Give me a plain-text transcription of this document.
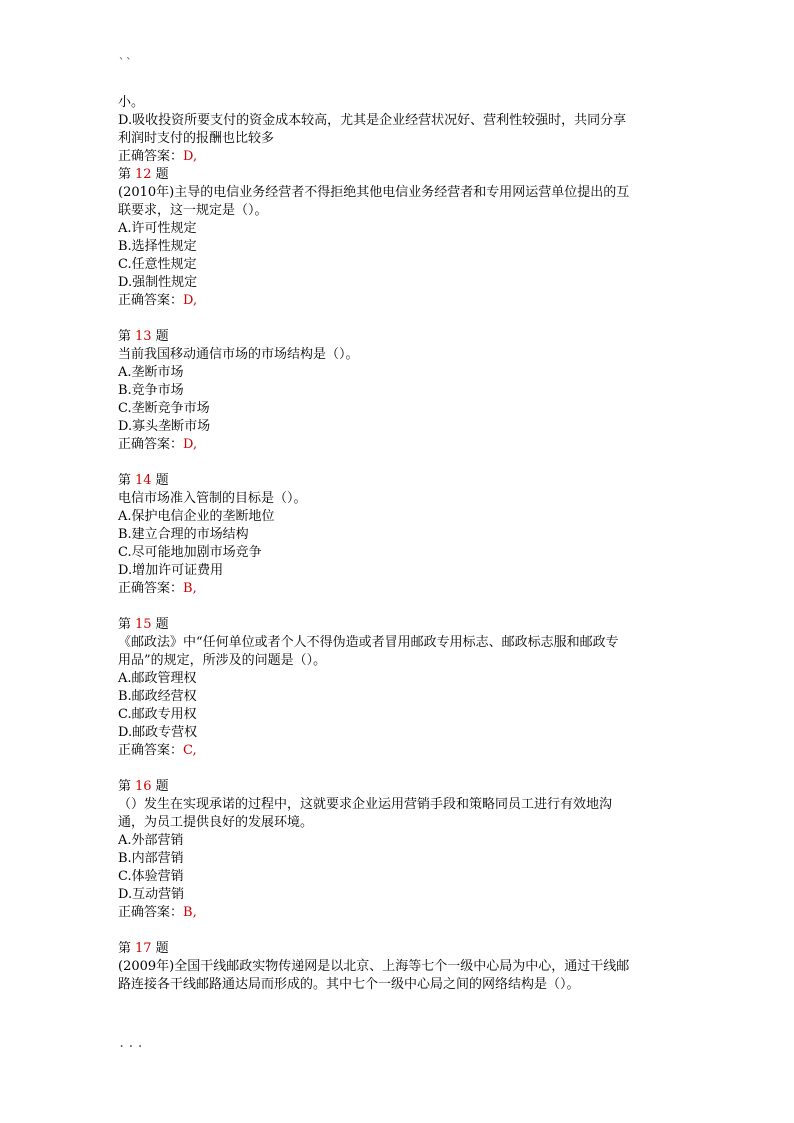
``
小。
D.吸收投资所要支付的资金成本较高，尤其是企业经营状况好、营利性较强时，共同分享
利润时支付的报酬也比较多
正确答案：D,
第 12 题
(2010年)主导的电信业务经营者不得拒绝其他电信业务经营者和专用网运营单位提出的互
联要求，这一规定是（）。
A.许可性规定
B.选择性规定
C.任意性规定
D.强制性规定
正确答案：D,
第 13 题
当前我国移动通信市场的市场结构是（）。
A.垄断市场
B.竞争市场
C.垄断竞争市场
D.寡头垄断市场
正确答案：D,
第 14 题
电信市场准入管制的目标是（）。
A.保护电信企业的垄断地位
B.建立合理的市场结构
C.尽可能地加剧市场竞争
D.增加许可证费用
正确答案：B,
第 15 题
《邮政法》中“任何单位或者个人不得伪造或者冒用邮政专用标志、邮政标志服和邮政专
用品”的规定，所涉及的问题是（）。
A.邮政管理权
B.邮政经营权
C.邮政专用权
D.邮政专营权
正确答案：C,
第 16 题
（）发生在实现承诺的过程中，这就要求企业运用营销手段和策略同员工进行有效地沟
通，为员工提供良好的发展环境。
A.外部营销
B.内部营销
C.体验营销
D.互动营销
正确答案：B,
第 17 题
(2009年)全国干线邮政实物传递网是以北京、上海等七个一级中心局为中心，通过干线邮
路连接各干线邮路通达局而形成的。其中七个一级中心局之间的网络结构是（）。
...
